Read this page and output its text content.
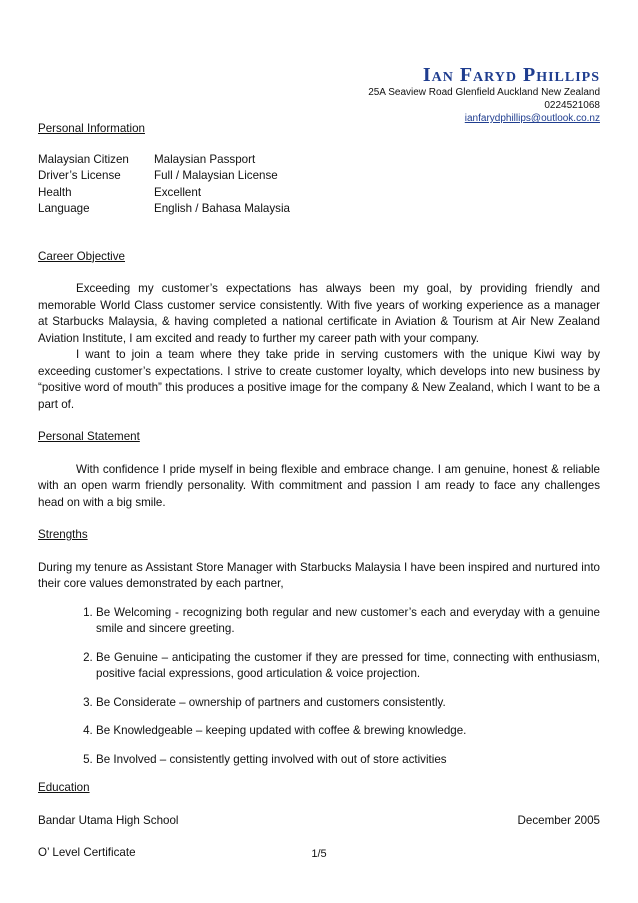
Ian Faryd Phillips
25A Seaview Road Glenfield Auckland New Zealand
0224521068
ianfarydphillips@outlook.co.nz
Personal Information
Malaysian Citizen	Malaysian Passport
Driver’s License	Full / Malaysian License
Health	Excellent
Language	English / Bahasa Malaysia
Career Objective

Exceeding my customer’s expectations has always been my goal, by providing friendly and memorable World Class customer service consistently. With five years of working experience as a manager at Starbucks Malaysia, & having completed a national certificate in Aviation & Tourism at Air New Zealand Aviation Institute, I am excited and ready to further my career path with your company.

I want to join a team where they take pride in serving customers with the unique Kiwi way by exceeding customer’s expectations. I strive to create customer loyalty, which develops into new business by “positive word of mouth” this produces a positive image for the company & New Zealand, which I want to be a part of.

Personal Statement

With confidence I pride myself in being flexible and embrace change. I am genuine, honest & reliable with an open warm friendly personality. With commitment and passion I am ready to face any challenges head on with a big smile.

Strengths

During my tenure as Assistant Store Manager with Starbucks Malaysia I have been inspired and nurtured into their core values demonstrated by each partner,

1. Be Welcoming - recognizing both regular and new customer’s each and everyday with a genuine smile and sincere greeting.
2. Be Genuine – anticipating the customer if they are pressed for time, connecting with enthusiasm, positive facial expressions, good articulation & voice projection.
3. Be Considerate – ownership of partners and customers consistently.
4. Be Knowledgeable – keeping updated with coffee & brewing knowledge.
5. Be Involved – consistently getting involved with out of store activities
Education
Bandar Utama High School	December 2005
O’ Level Certificate	1/5
